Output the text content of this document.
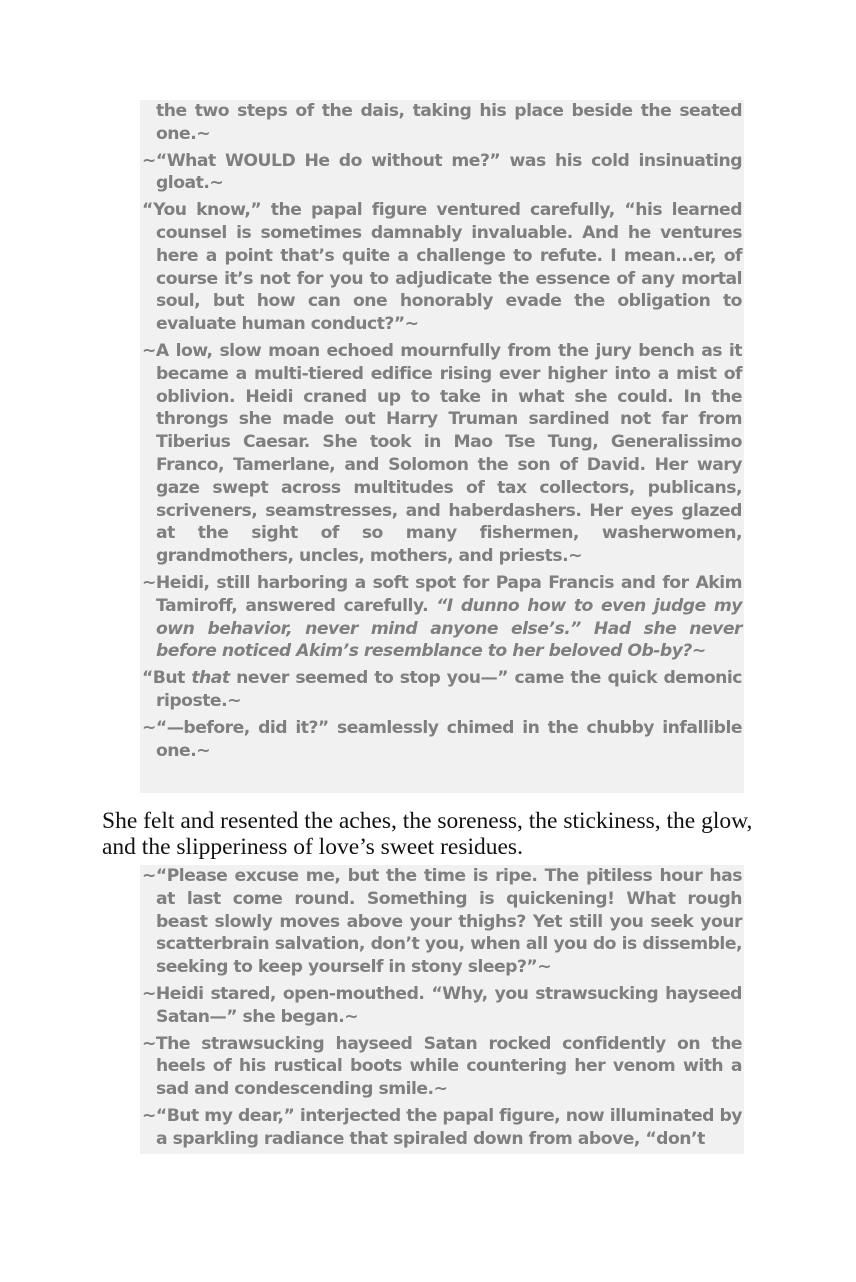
the two steps of the dais, taking his place beside the seated one.~

~“What WOULD He do without me?” was his cold insinuating gloat.~

“You know,” the papal figure ventured carefully, “his learned counsel is sometimes damnably invaluable. And he ventures here a point that’s quite a challenge to refute. I mean...er, of course it’s not for you to adjudicate the essence of any mortal soul, but how can one honorably evade the obligation to evaluate human conduct?”~

~A low, slow moan echoed mournfully from the jury bench as it became a multi-tiered edifice rising ever higher into a mist of oblivion. Heidi craned up to take in what she could. In the throngs she made out Harry Truman sardined not far from Tiberius Caesar. She took in Mao Tse Tung, Generalissimo Franco, Tamerlane, and Solomon the son of David. Her wary gaze swept across multitudes of tax collectors, publicans, scriveners, seamstresses, and haberdashers. Her eyes glazed at the sight of so many fishermen, washerwomen, grandmothers, uncles, mothers, and priests.~

~Heidi, still harboring a soft spot for Papa Francis and for Akim Tamiroff, answered carefully. “I dunno how to even judge my own behavior, never mind anyone else’s.” Had she never before noticed Akim’s resemblance to her beloved Ob-by?~

“But that never seemed to stop you—” came the quick demonic riposte.~

~“—before, did it?” seamlessly chimed in the chubby infallible one.~

She felt and resented the aches, the soreness, the stickiness, the glow, and the slipperiness of love’s sweet residues.

~“Please excuse me, but the time is ripe. The pitiless hour has at last come round. Something is quickening! What rough beast slowly moves above your thighs? Yet still you seek your scatterbrain salvation, don’t you, when all you do is dissemble, seeking to keep yourself in stony sleep?”~

~Heidi stared, open-mouthed. “Why, you strawsucking hayseed Satan—” she began.~

~The strawsucking hayseed Satan rocked confidently on the heels of his rustical boots while countering her venom with a sad and condescending smile.~

~“But my dear,” interjected the papal figure, now illuminated by a sparkling radiance that spiraled down from above, “don’t
